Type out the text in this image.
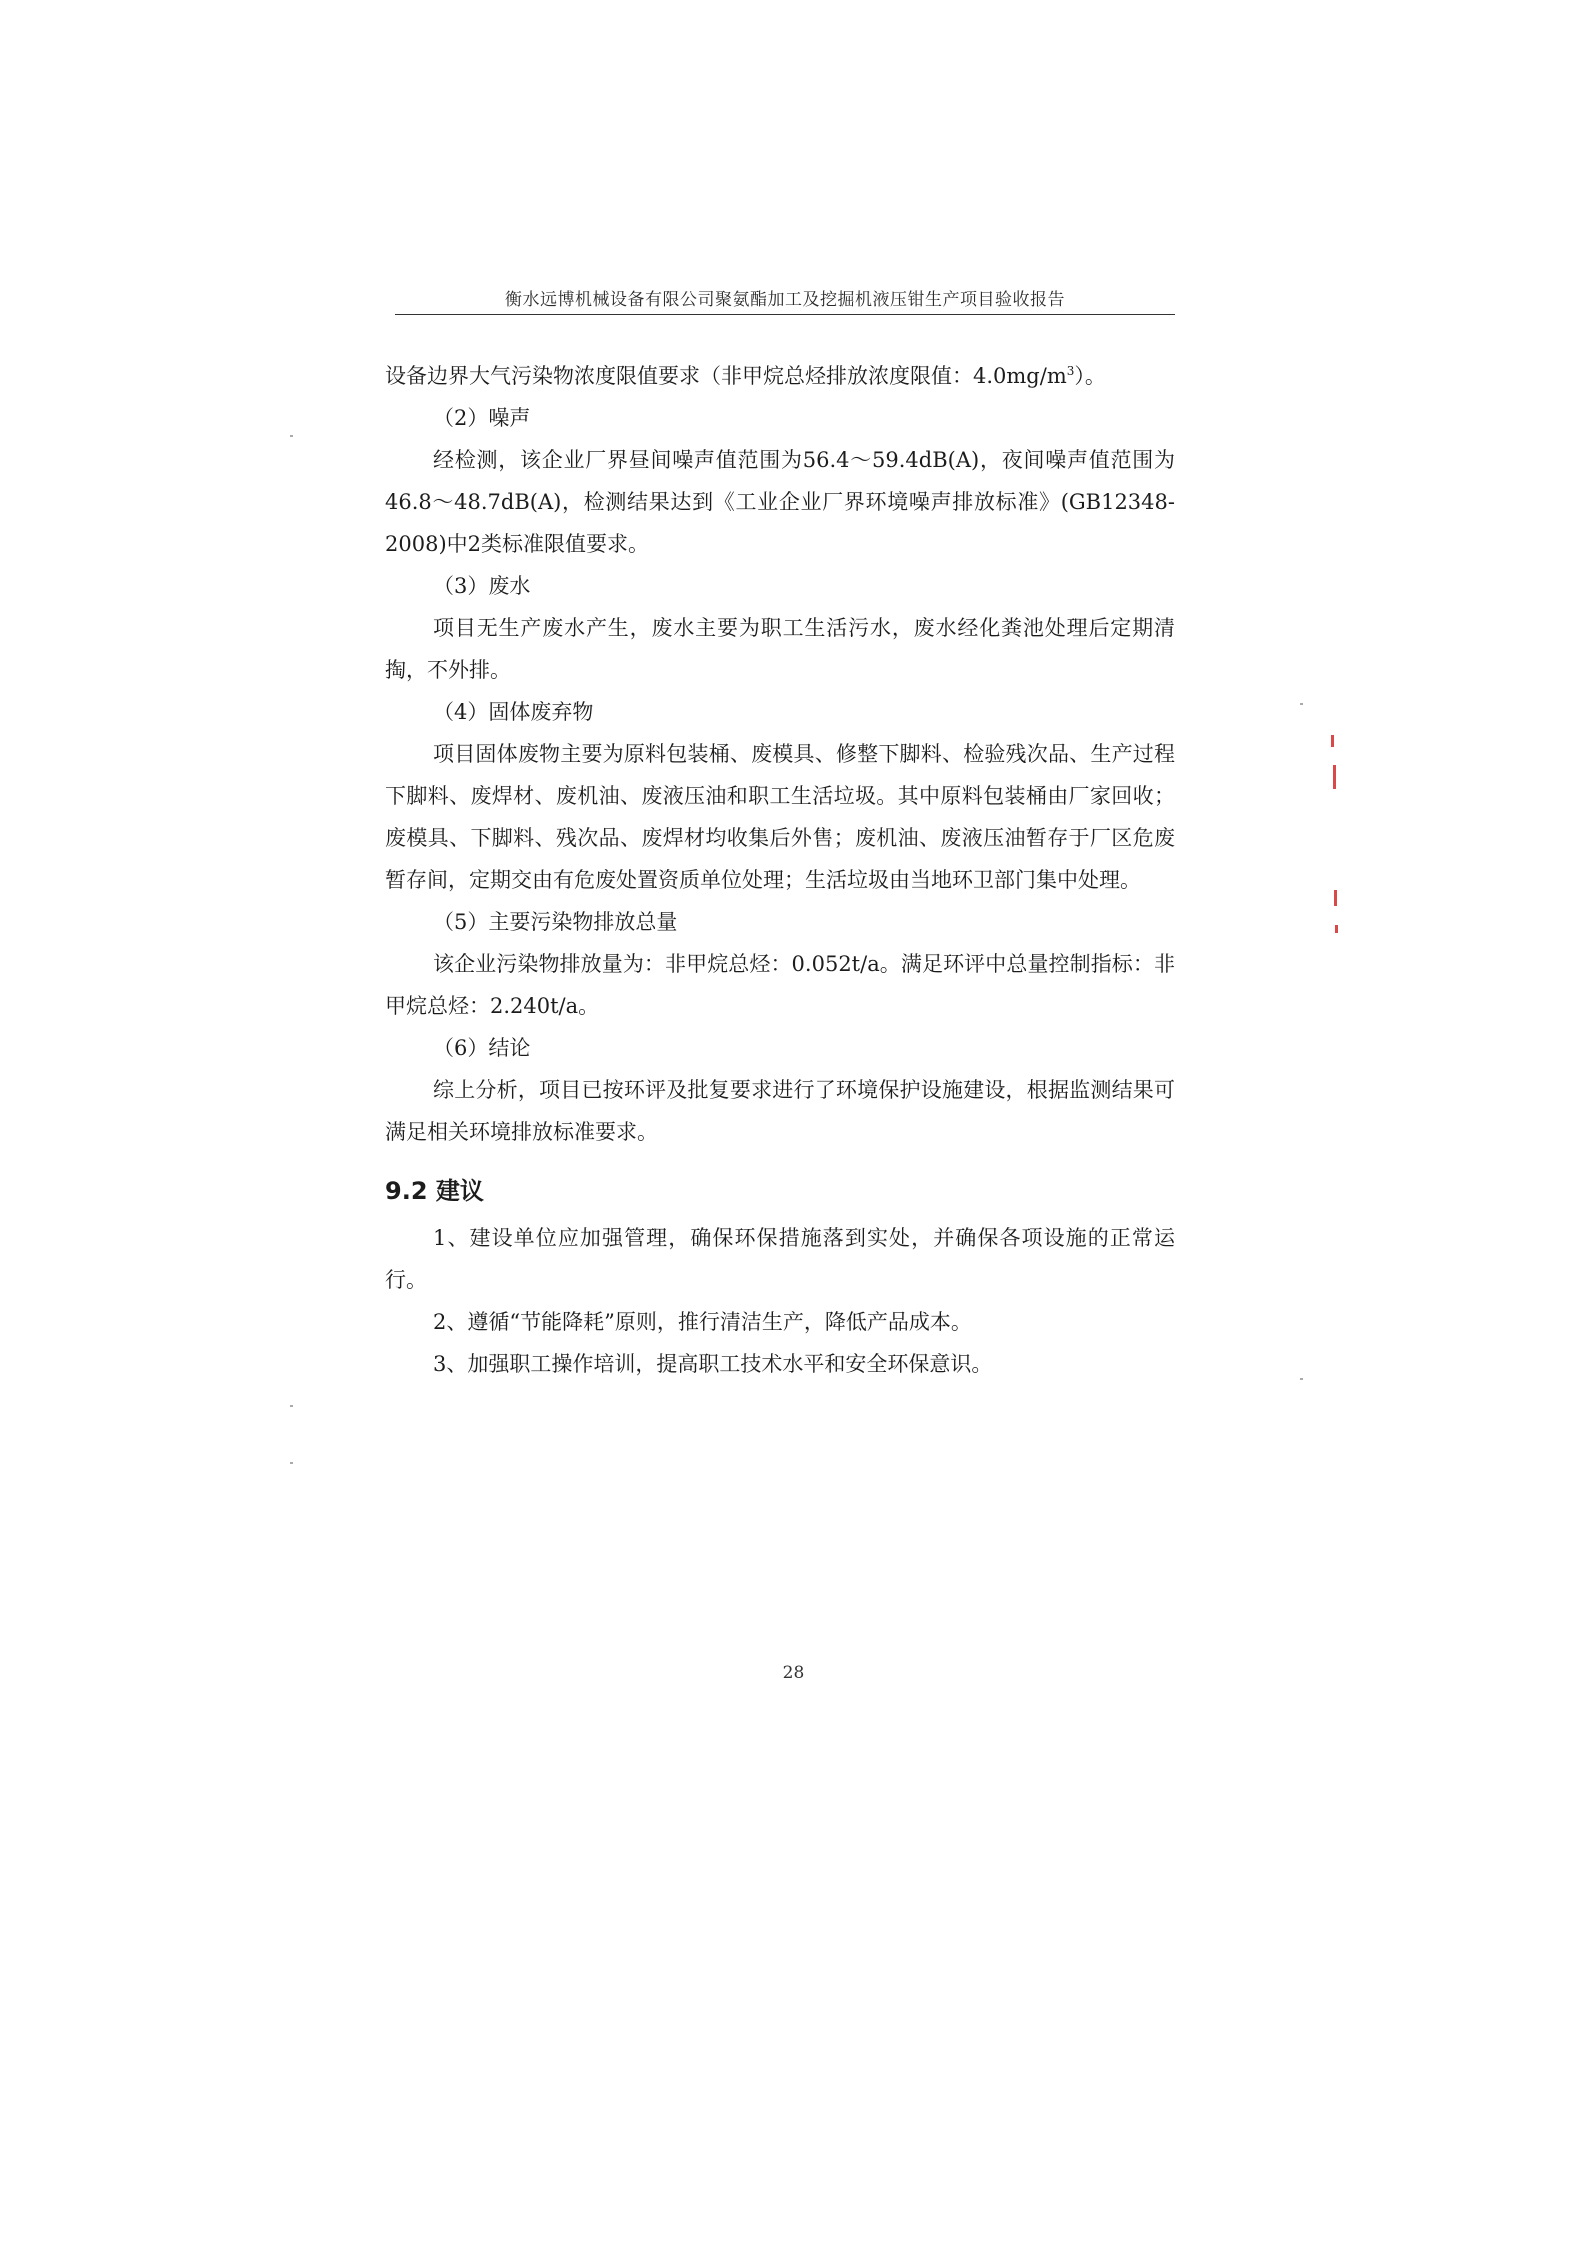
衡水远博机械设备有限公司聚氨酯加工及挖掘机液压钳生产项目验收报告

设备边界大气污染物浓度限值要求（非甲烷总烃排放浓度限值：$4.0mg/m^3$）。

（2）噪声

经检测，该企业厂界昼间噪声值范围为56.4～59.4dB(A)，夜间噪声值范围为46.8～48.7dB(A)，检测结果达到《工业企业厂界环境噪声排放标准》(GB12348-2008)中2类标准限值要求。

（3）废水

项目无生产废水产生，废水主要为职工生活污水，废水经化粪池处理后定期清掏，不外排。

（4）固体废弃物

项目固体废物主要为原料包装桶、废模具、修整下脚料、检验残次品、生产过程下脚料、废焊材、废机油、废液压油和职工生活垃圾。其中原料包装桶由厂家回收；废模具、下脚料、残次品、废焊材均收集后外售；废机油、废液压油暂存于厂区危废暂存间，定期交由有危废处置资质单位处理；生活垃圾由当地环卫部门集中处理。

（5）主要污染物排放总量

该企业污染物排放量为：非甲烷总烃：0.052t/a。满足环评中总量控制指标：非甲烷总烃：2.240t/a。

（6）结论

综上分析，项目已按环评及批复要求进行了环境保护设施建设，根据监测结果可满足相关环境排放标准要求。

9.2 建议

1、建设单位应加强管理，确保环保措施落到实处，并确保各项设施的正常运行。

2、遵循“节能降耗”原则，推行清洁生产，降低产品成本。

3、加强职工操作培训，提高职工技术水平和安全环保意识。

28
